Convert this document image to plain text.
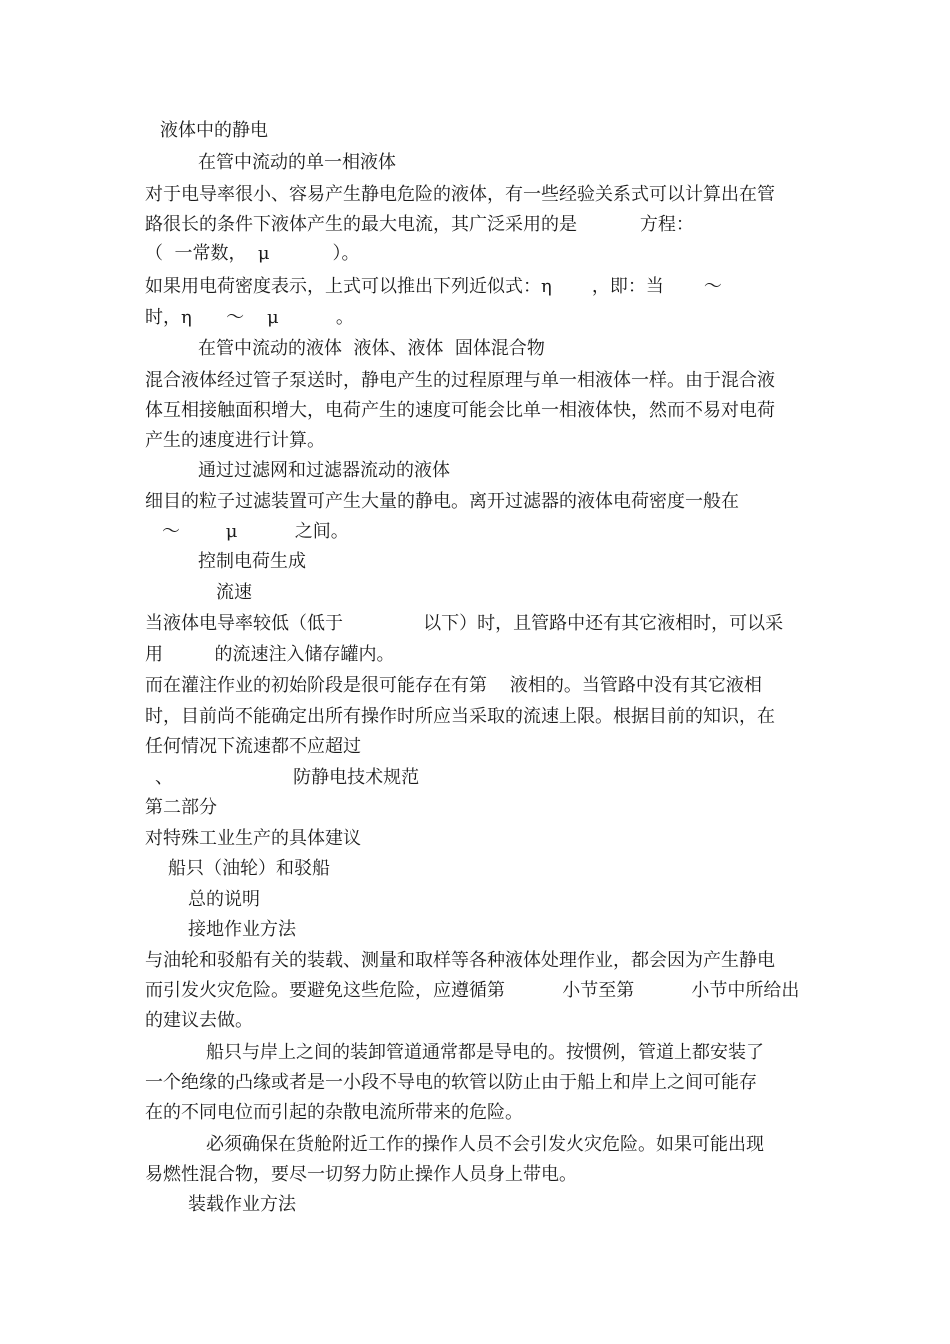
液体中的静电
在管中流动的单一相液体
对于电导率很小、容易产生静电危险的液体，有一些经验关系式可以计算出在管
路很长的条件下液体产生的最大电流，其广泛采用的是           方程：
（  一常数，  μ           ）。
如果用电荷密度表示，上式可以推出下列近似式：η       ，即：当       ～
时，η      ～    μ          。
在管中流动的液体  液体、液体  固体混合物
混合液体经过管子泵送时，静电产生的过程原理与单一相液体一样。由于混合液
体互相接触面积增大，电荷产生的速度可能会比单一相液体快，然而不易对电荷
产生的速度进行计算。
通过过滤网和过滤器流动的液体
细目的粒子过滤装置可产生大量的静电。离开过滤器的液体电荷密度一般在
～        μ          之间。
控制电荷生成
流速
当液体电导率较低（低于              以下）时，且管路中还有其它液相时，可以采
用         的流速注入储存罐内。
而在灌注作业的初始阶段是很可能存在有第    液相的。当管路中没有其它液相
时，目前尚不能确定出所有操作时所应当采取的流速上限。根据目前的知识，在
任何情况下流速都不应超过
、                     防静电技术规范
第二部分
对特殊工业生产的具体建议
船只（油轮）和驳船
总的说明
接地作业方法
与油轮和驳船有关的装载、测量和取样等各种液体处理作业，都会因为产生静电
而引发火灾危险。要避免这些危险，应遵循第          小节至第          小节中所给出
的建议去做。
船只与岸上之间的装卸管道通常都是导电的。按惯例，管道上都安装了
一个绝缘的凸缘或者是一小段不导电的软管以防止由于船上和岸上之间可能存
在的不同电位而引起的杂散电流所带来的危险。
必须确保在货舱附近工作的操作人员不会引发火灾危险。如果可能出现
易燃性混合物，要尽一切努力防止操作人员身上带电。
装载作业方法
